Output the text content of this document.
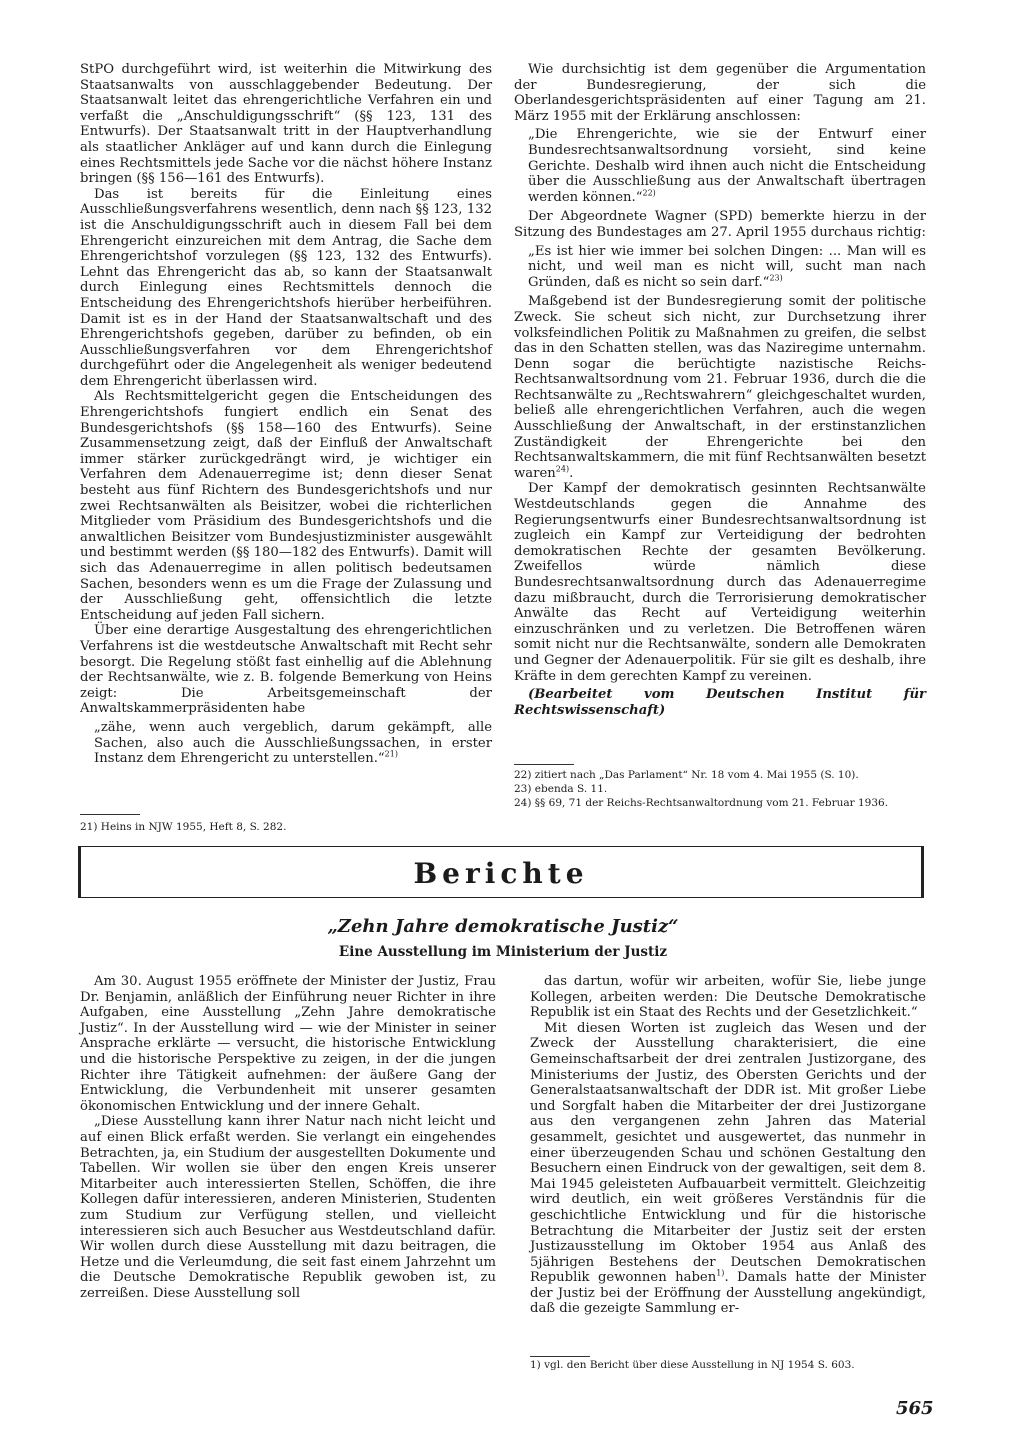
StPO durchgeführt wird, ist weiterhin die Mitwirkung des Staatsanwalts von ausschlaggebender Bedeutung. Der Staatsanwalt leitet das ehrengerichtliche Verfahren ein und verfaßt die „Anschuldigungsschrift“ (§§ 123, 131 des Entwurfs). Der Staatsanwalt tritt in der Hauptverhandlung als staatlicher Ankläger auf und kann durch die Einlegung eines Rechtsmittels jede Sache vor die nächst höhere Instanz bringen (§§ 156—161 des Entwurfs).

Das ist bereits für die Einleitung eines Ausschließungsverfahrens wesentlich, denn nach §§ 123, 132 ist die Anschuldigungsschrift auch in diesem Fall bei dem Ehrengericht einzureichen mit dem Antrag, die Sache dem Ehrengerichtshof vorzulegen (§§ 123, 132 des Entwurfs). Lehnt das Ehrengericht das ab, so kann der Staatsanwalt durch Einlegung eines Rechtsmittels dennoch die Entscheidung des Ehrengerichtshofs hierüber herbeiführen. Damit ist es in der Hand der Staatsanwaltschaft und des Ehrengerichtshofs gegeben, darüber zu befinden, ob ein Ausschließungsverfahren vor dem Ehrengerichtshof durchgeführt oder die Angelegenheit als weniger bedeutend dem Ehrengericht überlassen wird.

Als Rechtsmittelgericht gegen die Entscheidungen des Ehrengerichtshofs fungiert endlich ein Senat des Bundesgerichtshofs (§§ 158—160 des Entwurfs). Seine Zusammensetzung zeigt, daß der Einfluß der Anwaltschaft immer stärker zurückgedrängt wird, je wichtiger ein Verfahren dem Adenauerregime ist; denn dieser Senat besteht aus fünf Richtern des Bundesgerichtshofs und nur zwei Rechtsanwälten als Beisitzer, wobei die richterlichen Mitglieder vom Präsidium des Bundesgerichtshofs und die anwaltlichen Beisitzer vom Bundesjustizminister ausgewählt und bestimmt werden (§§ 180—182 des Entwurfs). Damit will sich das Adenauerregime in allen politisch bedeutsamen Sachen, besonders wenn es um die Frage der Zulassung und der Ausschließung geht, offensichtlich die letzte Entscheidung auf jeden Fall sichern.

Über eine derartige Ausgestaltung des ehrengerichtlichen Verfahrens ist die westdeutsche Anwaltschaft mit Recht sehr besorgt. Die Regelung stößt fast einhellig auf die Ablehnung der Rechtsanwälte, wie z. B. folgende Bemerkung von Heins zeigt: Die Arbeitsgemeinschaft der Anwaltskammerpräsidenten habe

„zähe, wenn auch vergeblich, darum gekämpft, alle Sachen, also auch die Ausschließungssachen, in erster Instanz dem Ehrengericht zu unterstellen.“$^{21)}$

21) Heins in NJW 1955, Heft 8, S. 282.

Wie durchsichtig ist dem gegenüber die Argumentation der Bundesregierung, der sich die Oberlandesgerichtspräsidenten auf einer Tagung am 21. März 1955 mit der Erklärung anschlossen:

„Die Ehrengerichte, wie sie der Entwurf einer Bundesrechtsanwaltsordnung vorsieht, sind keine Gerichte. Deshalb wird ihnen auch nicht die Entscheidung über die Ausschließung aus der Anwaltschaft übertragen werden können.“$^{22)}$

Der Abgeordnete Wagner (SPD) bemerkte hierzu in der Sitzung des Bundestages am 27. April 1955 durchaus richtig:

„Es ist hier wie immer bei solchen Dingen: ... Man will es nicht, und weil man es nicht will, sucht man nach Gründen, daß es nicht so sein darf.“$^{23)}$

Maßgebend ist der Bundesregierung somit der politische Zweck. Sie scheut sich nicht, zur Durchsetzung ihrer volksfeindlichen Politik zu Maßnahmen zu greifen, die selbst das in den Schatten stellen, was das Naziregime unternahm. Denn sogar die berüchtigte nazistische Reichs-Rechtsanwaltsordnung vom 21. Februar 1936, durch die die Rechtsanwälte zu „Rechtswahrern“ gleichgeschaltet wurden, beließ alle ehrengerichtlichen Verfahren, auch die wegen Ausschließung der Anwaltschaft, in der erstinstanzlichen Zuständigkeit der Ehrengerichte bei den Rechtsanwaltskammern, die mit fünf Rechtsanwälten besetzt waren$^{24)}$.

Der Kampf der demokratisch gesinnten Rechtsanwälte Westdeutschlands gegen die Annahme des Regierungsentwurfs einer Bundesrechtsanwaltsordnung ist zugleich ein Kampf zur Verteidigung der bedrohten demokratischen Rechte der gesamten Bevölkerung. Zweifellos würde nämlich diese Bundesrechtsanwaltsordnung durch das Adenauerregime dazu mißbraucht, durch die Terrorisierung demokratischer Anwälte das Recht auf Verteidigung weiterhin einzuschränken und zu verletzen. Die Betroffenen wären somit nicht nur die Rechtsanwälte, sondern alle Demokraten und Gegner der Adenauerpolitik. Für sie gilt es deshalb, ihre Kräfte in dem gerechten Kampf zu vereinen.

(Bearbeitet vom Deutschen Institut für Rechtswissenschaft)

22) zitiert nach „Das Parlament“ Nr. 18 vom 4. Mai 1955 (S. 10).
23) ebenda S. 11.
24) §§ 69, 71 der Reichs-Rechtsanwaltordnung vom 21. Februar 1936.
Berichte
„Zehn Jahre demokratische Justiz“
Eine Ausstellung im Ministerium der Justiz

Am 30. August 1955 eröffnete der Minister der Justiz, Frau Dr. Benjamin, anläßlich der Einführung neuer Richter in ihre Aufgaben, eine Ausstellung „Zehn Jahre demokratische Justiz“. In der Ausstellung wird — wie der Minister in seiner Ansprache erklärte — versucht, die historische Entwicklung und die historische Perspektive zu zeigen, in der die jungen Richter ihre Tätigkeit aufnehmen: der äußere Gang der Entwicklung, die Verbundenheit mit unserer gesamten ökonomischen Entwicklung und der innere Gehalt.

„Diese Ausstellung kann ihrer Natur nach nicht leicht und auf einen Blick erfaßt werden. Sie verlangt ein eingehendes Betrachten, ja, ein Studium der ausgestellten Dokumente und Tabellen. Wir wollen sie über den engen Kreis unserer Mitarbeiter auch interessierten Stellen, Schöffen, die ihre Kollegen dafür interessieren, anderen Ministerien, Studenten zum Studium zur Verfügung stellen, und vielleicht interessieren sich auch Besucher aus Westdeutschland dafür. Wir wollen durch diese Ausstellung mit dazu beitragen, die Hetze und die Verleumdung, die seit fast einem Jahrzehnt um die Deutsche Demokratische Republik gewoben ist, zu zerreißen. Diese Ausstellung soll

das dartun, wofür wir arbeiten, wofür Sie, liebe junge Kollegen, arbeiten werden: Die Deutsche Demokratische Republik ist ein Staat des Rechts und der Gesetzlichkeit.“

Mit diesen Worten ist zugleich das Wesen und der Zweck der Ausstellung charakterisiert, die eine Gemeinschaftsarbeit der drei zentralen Justizorgane, des Ministeriums der Justiz, des Obersten Gerichts und der Generalstaatsanwaltschaft der DDR ist. Mit großer Liebe und Sorgfalt haben die Mitarbeiter der drei Justizorgane aus den vergangenen zehn Jahren das Material gesammelt, gesichtet und ausgewertet, das nunmehr in einer überzeugenden Schau und schönen Gestaltung den Besuchern einen Eindruck von der gewaltigen, seit dem 8. Mai 1945 geleisteten Aufbauarbeit vermittelt. Gleichzeitig wird deutlich, ein weit größeres Verständnis für die geschichtliche Entwicklung und für die historische Betrachtung die Mitarbeiter der Justiz seit der ersten Justizausstellung im Oktober 1954 aus Anlaß des 5jährigen Bestehens der Deutschen Demokratischen Republik gewonnen haben$^{1)}$. Damals hatte der Minister der Justiz bei der Eröffnung der Ausstellung angekündigt, daß die gezeigte Sammlung er-

1) vgl. den Bericht über diese Ausstellung in NJ 1954 S. 603.
565
